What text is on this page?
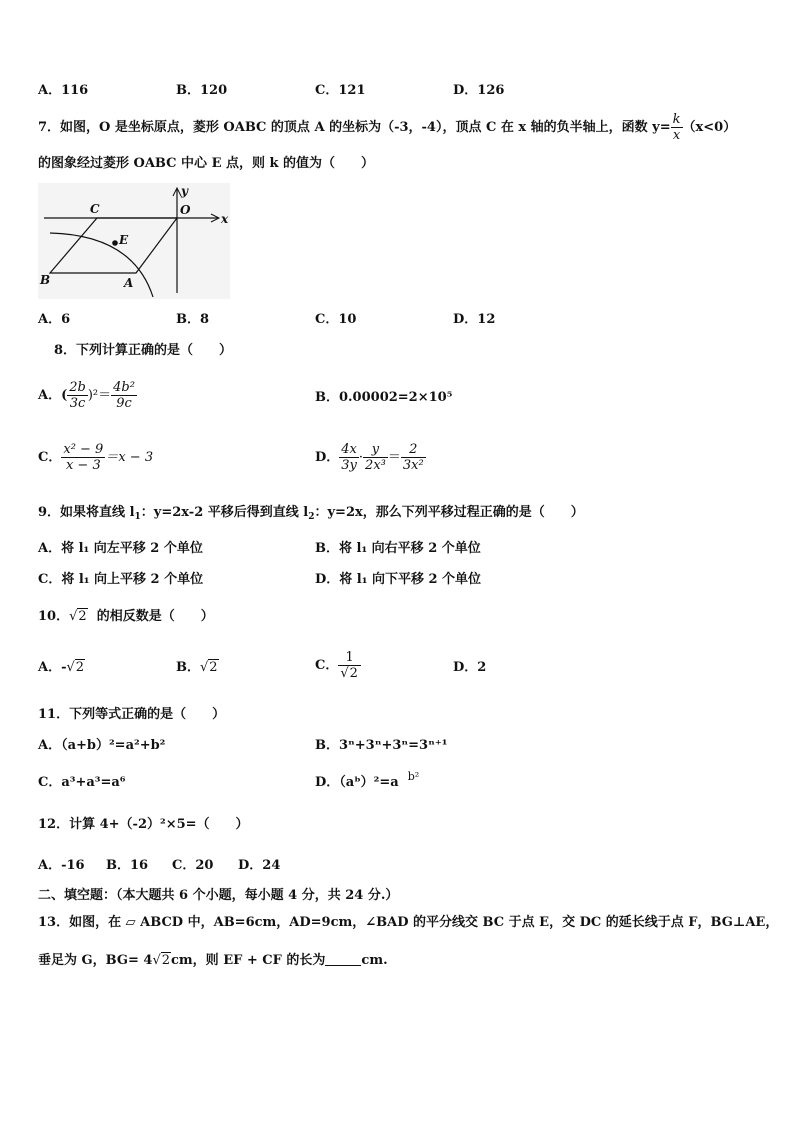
A．116	B．120	C．121	D．126
7．如图，O 是坐标原点，菱形 OABC 的顶点 A 的坐标为（-3，-4），顶点 C 在 x 轴的负半轴上，函数 $y= \frac{k}{x} (x<0)$
的图象经过菱形 OABC 中心 E 点，则 k 的值为（　　）
y
x
O
C
E
B	A
A．6	B．8	C．10	D．12
8．下列计算正确的是（　　）
A．( $\frac{2b}{3c} )^2= \frac{\text{4b²}}{9c}$	B．0.00002=2×10⁵
C． $\frac{\text{x² − 9}}{x - 3} =x - 3$	D． $\frac{4x}{3y} \cdot \frac{y}{\text{2x³}} = \frac{2}{\text{3x²}}$
9．如果将直线 $l_1$：y=2x-2 平移后得到直线 $l_2$：y=2x，那么下列平移过程正确的是（　　）
A．将 l₁ 向左平移 2 个单位	B．将 l₁ 向右平移 2 个单位
C．将 l₁ 向上平移 2 个单位	D．将 l₁ 向下平移 2 个单位
10．√2 的相反数是（　　）
A．-√2	B．√2	C． $\frac{1}{√2}$	D．2
11．下列等式正确的是（　　）
A．（a+b）²=a²+b²	B．3ⁿ+3ⁿ+3ⁿ=3ⁿ⁺¹
C．a³+a³=a⁶	D．（aᵇ）²=a $^{b^2}$
12．计算 4+（-2）²×5=（　　）
A．-16 B．16 C．20 D．24
二、填空题：（本大题共 6 个小题，每小题 4 分，共 24 分.）
13．如图，在 ▱ ABCD 中，AB=6cm，AD=9cm，∠BAD 的平分线交 BC 于点 E，交 DC 的延长线于点 F，BG⊥AE，
垂足为 G，BG= 4√2cm，则 EF + CF 的长为	cm.
